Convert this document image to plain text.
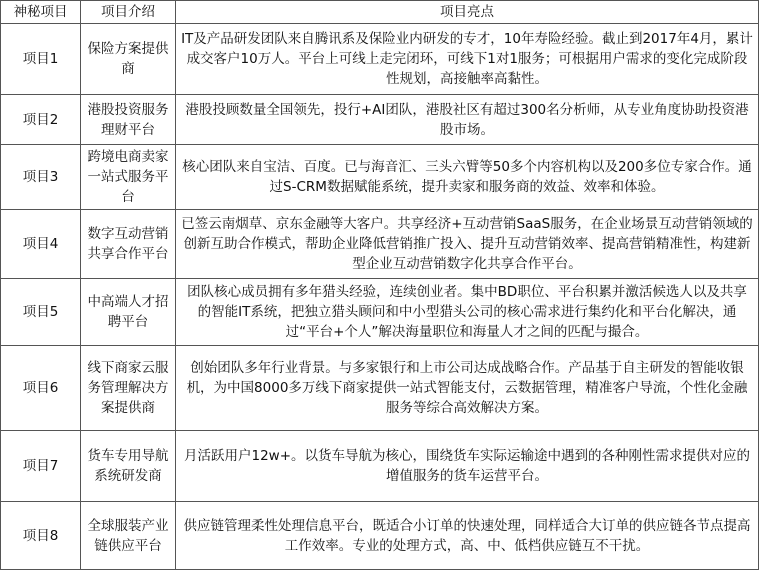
神秘项目	项目介绍	项目亮点
项目1	保险方案提供商	IT及产品研发团队来自腾讯系及保险业内研发的专才，10年寿险经验。截止到2017年4月，累计成交客户10万人。平台上可线上走完闭环，可线下1对1服务；可根据用户需求的变化完成阶段性规划，高接触率高黏性。
项目2	港股投资服务理财平台	港股投顾数量全国领先，投行+AI团队，港股社区有超过300名分析师，从专业角度协助投资港股市场。
项目3	跨境电商卖家一站式服务平台	核心团队来自宝洁、百度。已与海音汇、三头六臂等50多个内容机构以及200多位专家合作。通过S-CRM数据赋能系统，提升卖家和服务商的效益、效率和体验。
项目4	数字互动营销共享合作平台	已签云南烟草、京东金融等大客户。共享经济+互动营销SaaS服务，在企业场景互动营销领域的创新互助合作模式，帮助企业降低营销推广投入、提升互动营销效率、提高营销精准性，构建新型企业互动营销数字化共享合作平台。
项目5	中高端人才招聘平台	团队核心成员拥有多年猎头经验，连续创业者。集中BD职位、平台积累并激活候选人以及共享的智能IT系统，把独立猎头顾问和中小型猎头公司的核心需求进行集约化和平台化解决，通过“平台+个人”解决海量职位和海量人才之间的匹配与撮合。
项目6	线下商家云服务管理解决方案提供商	创始团队多年行业背景。与多家银行和上市公司达成战略合作。产品基于自主研发的智能收银机，为中国8000多万线下商家提供一站式智能支付，云数据管理，精准客户导流，个性化金融服务等综合高效解决方案。
项目7	货车专用导航系统研发商	月活跃用户12w+。以货车导航为核心，围绕货车实际运输途中遇到的各种刚性需求提供对应的增值服务的货车运营平台。
项目8	全球服装产业链供应平台	供应链管理柔性处理信息平台，既适合小订单的快速处理，同样适合大订单的供应链各节点提高工作效率。专业的处理方式，高、中、低档供应链互不干扰。
